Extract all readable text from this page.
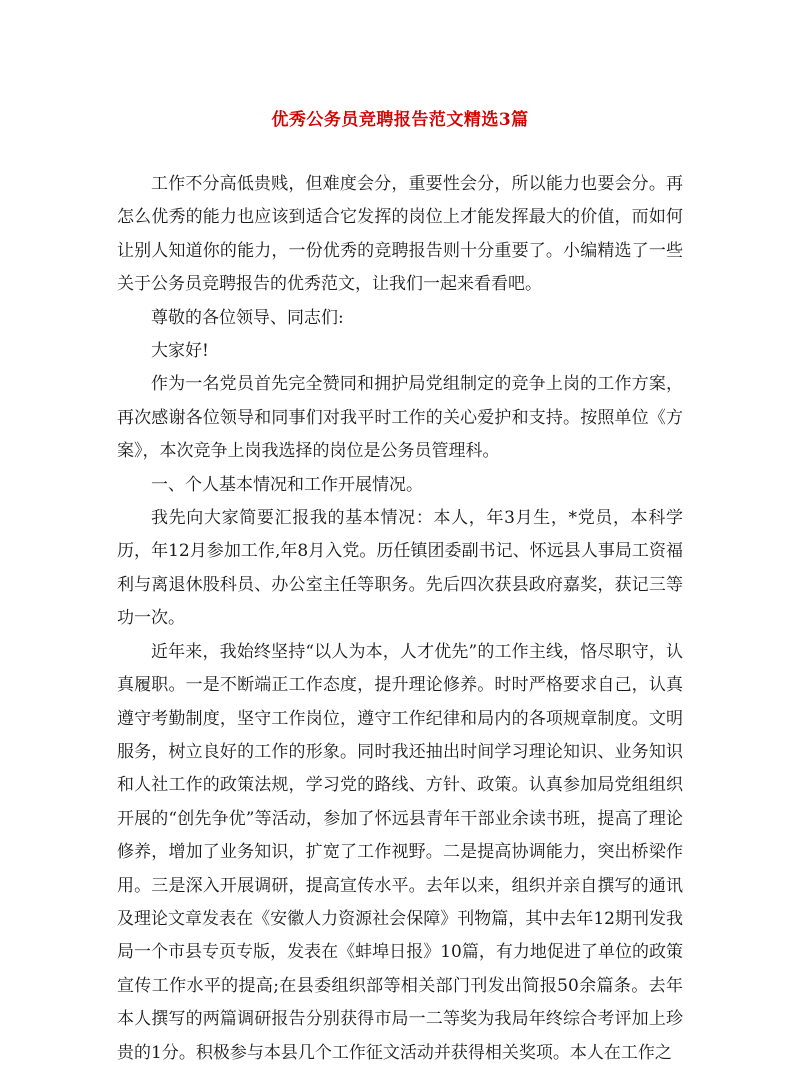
优秀公务员竞聘报告范文精选3篇

工作不分高低贵贱，但难度会分，重要性会分，所以能力也要会分。再怎么优秀的能力也应该到适合它发挥的岗位上才能发挥最大的价值，而如何让别人知道你的能力，一份优秀的竞聘报告则十分重要了。小编精选了一些关于公务员竞聘报告的优秀范文，让我们一起来看看吧。

尊敬的各位领导、同志们:

大家好!

作为一名党员首先完全赞同和拥护局党组制定的竞争上岗的工作方案，再次感谢各位领导和同事们对我平时工作的关心爱护和支持。按照单位《方案》，本次竞争上岗我选择的岗位是公务员管理科。

一、个人基本情况和工作开展情况。

我先向大家简要汇报我的基本情况：本人，年3月生，*党员，本科学历，年12月参加工作,年8月入党。历任镇团委副书记、怀远县人事局工资福利与离退休股科员、办公室主任等职务。先后四次获县政府嘉奖，获记三等功一次。

近年来，我始终坚持“以人为本，人才优先”的工作主线，恪尽职守，认真履职。一是不断端正工作态度，提升理论修养。时时严格要求自己，认真遵守考勤制度，坚守工作岗位，遵守工作纪律和局内的各项规章制度。文明服务，树立良好的工作的形象。同时我还抽出时间学习理论知识、业务知识和人社工作的政策法规，学习党的路线、方针、政策。认真参加局党组组织开展的“创先争优”等活动，参加了怀远县青年干部业余读书班，提高了理论修养，增加了业务知识，扩宽了工作视野。二是提高协调能力，突出桥梁作用。三是深入开展调研，提高宣传水平。去年以来，组织并亲自撰写的通讯及理论文章发表在《安徽人力资源社会保障》刊物篇，其中去年12期刊发我局一个市县专页专版，发表在《蚌埠日报》10篇，有力地促进了单位的政策宣传工作水平的提高;在县委组织部等相关部门刊发出简报50余篇条。去年本人撰写的两篇调研报告分别获得市局一二等奖为我局年终综合考评加上珍贵的1分。积极参与本县几个工作征文活动并获得相关奖项。本人在工作之
